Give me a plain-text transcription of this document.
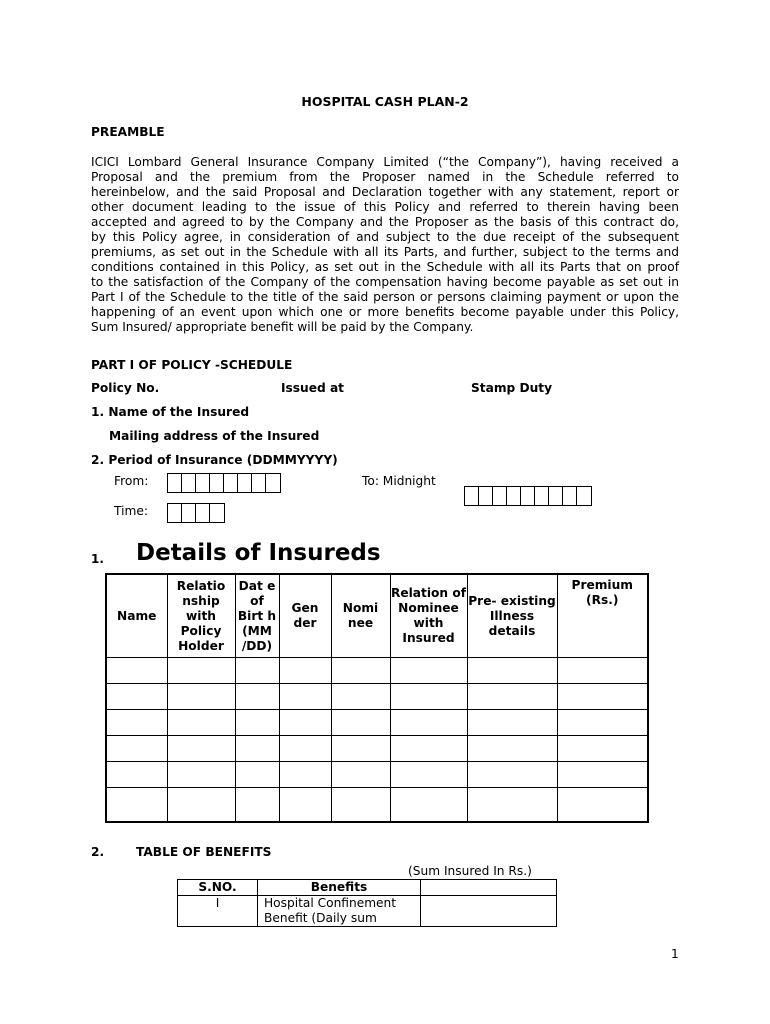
HOSPITAL CASH PLAN-2
PREAMBLE
ICICI Lombard General Insurance Company Limited (“the Company”), having received a
Proposal and the premium from the Proposer named in the Schedule referred to
hereinbelow, and the said Proposal and Declaration together with any statement, report or
other document leading to the issue of this Policy and referred to therein having been
accepted and agreed to by the Company and the Proposer as the basis of this contract do,
by this Policy agree, in consideration of and subject to the due receipt of the subsequent
premiums, as set out in the Schedule with all its Parts, and further, subject to the terms and
conditions contained in this Policy, as set out in the Schedule with all its Parts that on proof
to the satisfaction of the Company of the compensation having become payable as set out in
Part I of the Schedule to the title of the said person or persons claiming payment or upon the
happening of an event upon which one or more benefits become payable under this Policy,
Sum Insured/ appropriate benefit will be paid by the Company.
PART I OF POLICY -SCHEDULE
Policy No.	Issued at	Stamp Duty
1. Name of the Insured
Mailing address of the Insured
2. Period of Insurance (DDMMYYYY)
From:	To: Midnight
Time:
1. Details of Insureds
Name	Relatio nship with Policy Holder	Dat e of Birt h (MM /DD)	Gen der	Nomi nee	Relation of Nominee with Insured	Pre- existing Illness details	Premium (Rs.)

2.	TABLE OF BENEFITS
(Sum Insured In Rs.)
S.NO.	Benefits	
I	Hospital Confinement Benefit (Daily sum	
1
